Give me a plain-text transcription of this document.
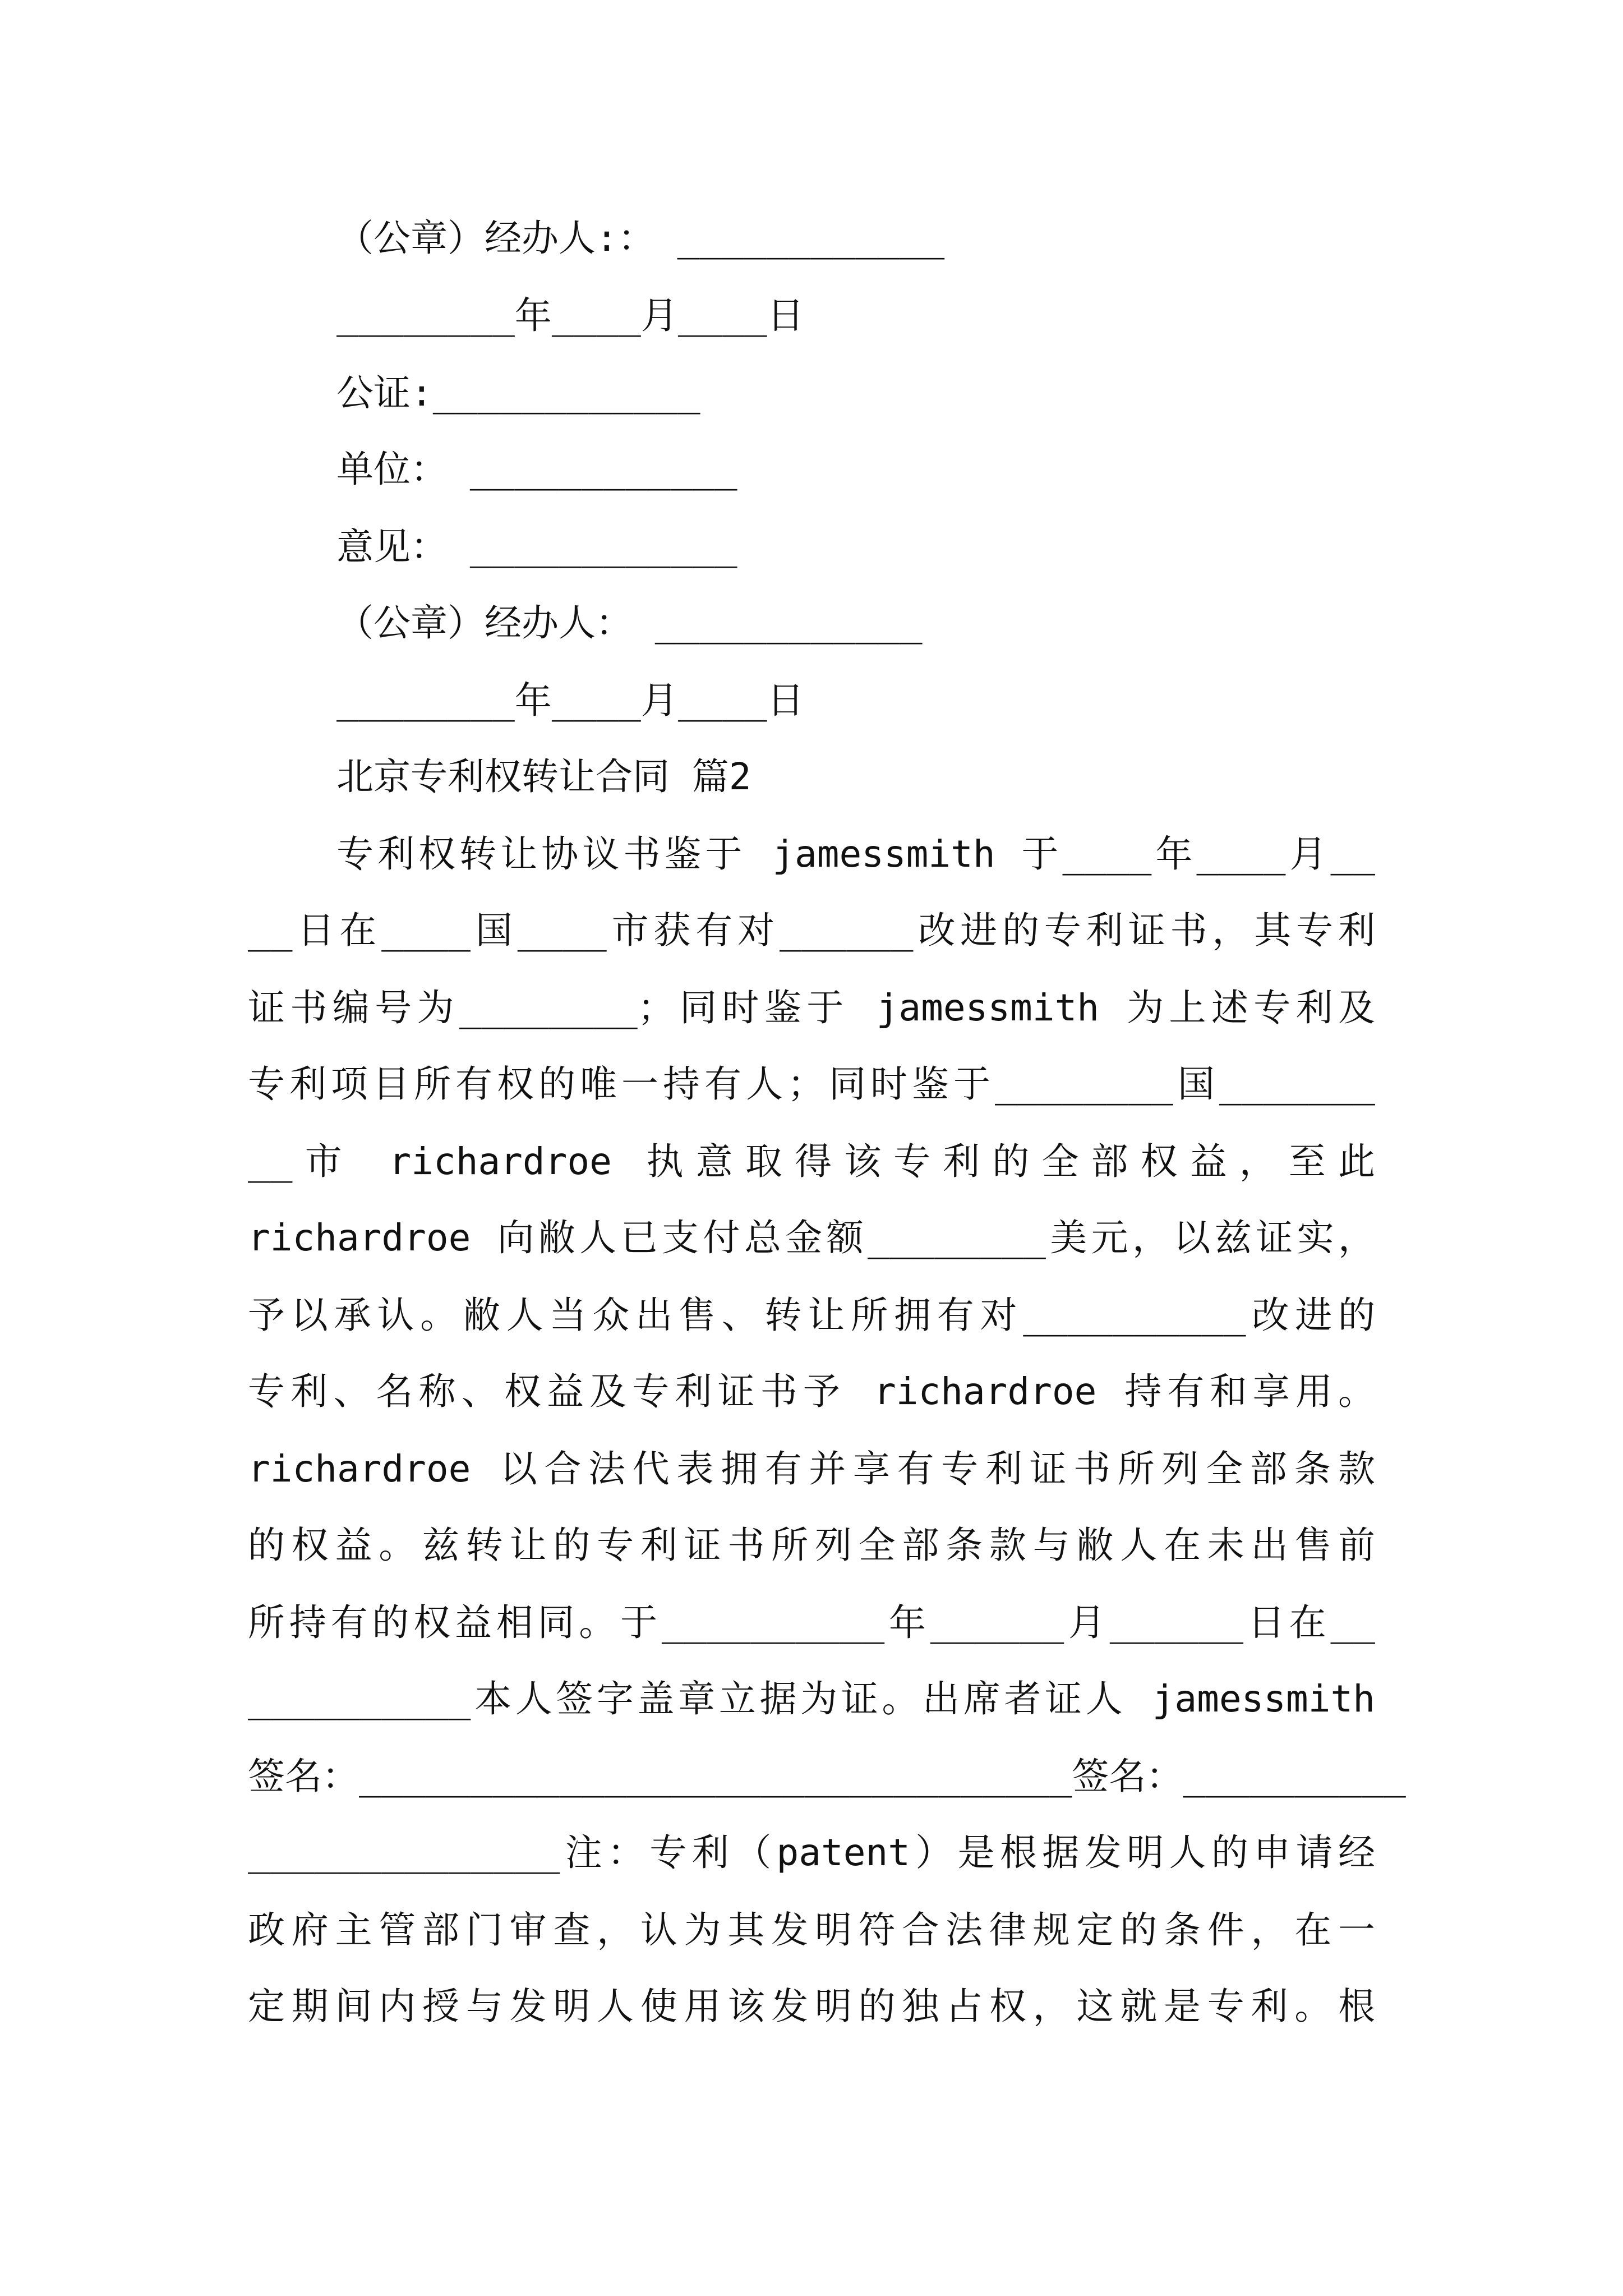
（公章）经办人:： ____________
________年____月____日
公证:____________
单位： ____________
意见： ____________
（公章）经办人： ____________
________年____月____日
北京专利权转让合同 篇2
专利权转让协议书鉴于 jamessmith 于____年____月__
__日在____国____市获有对______改进的专利证书，其专利
证书编号为________；同时鉴于 jamessmith 为上述专利及
专利项目所有权的唯一持有人；同时鉴于________国_______
__市 richardroe 执意取得该专利的全部权益，至此
richardroe 向敝人已支付总金额________美元，以兹证实，
予以承认。敝人当众出售、转让所拥有对__________改进的
专利、名称、权益及专利证书予 richardroe 持有和享用。
richardroe 以合法代表拥有并享有专利证书所列全部条款
的权益。兹转让的专利证书所列全部条款与敝人在未出售前
所持有的权益相同。于__________年______月______日在__
__________本人签字盖章立据为证。出席者证人 jamessmith
签名：________________________________签名：__________
______________注：专利（patent）是根据发明人的申请经
政府主管部门审查，认为其发明符合法律规定的条件，在一
定期间内授与发明人使用该发明的独占权，这就是专利。根
